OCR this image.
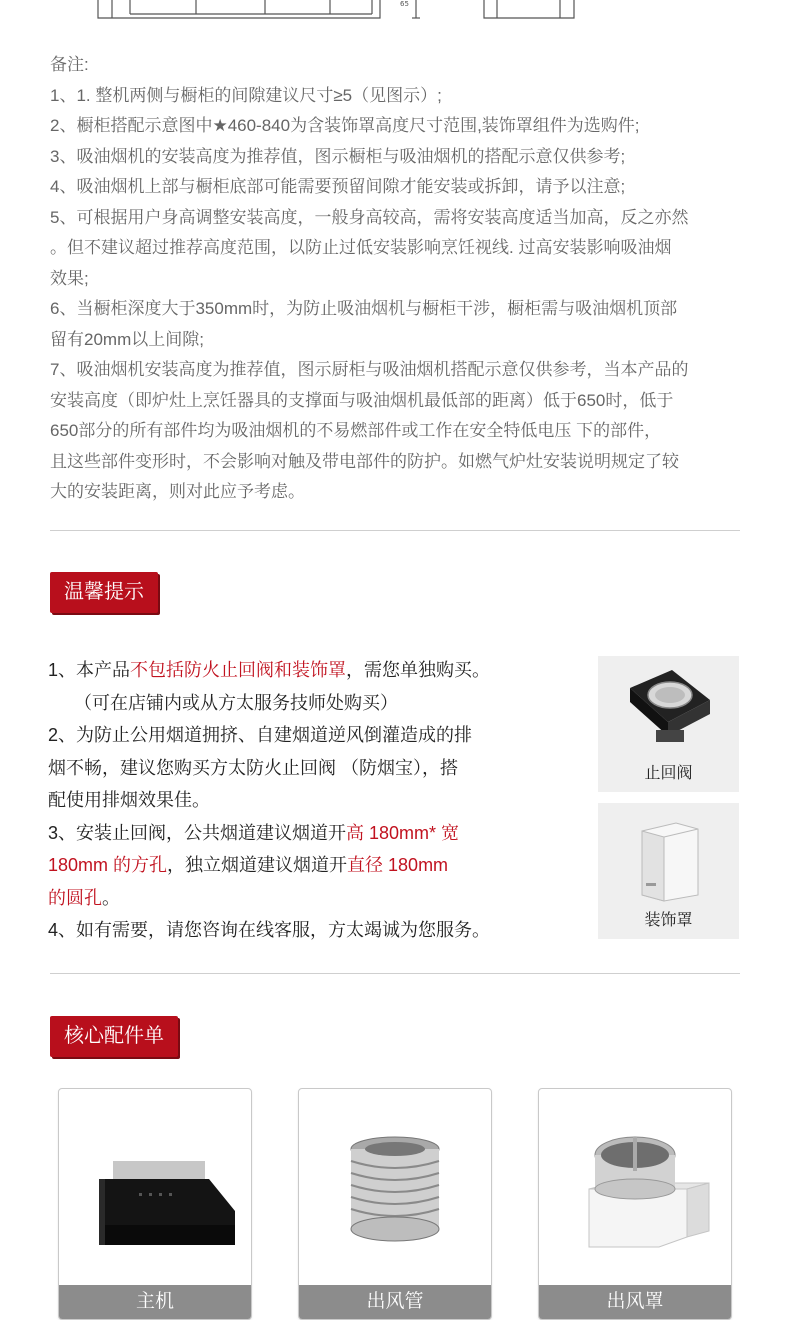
65
备注:
1、1. 整机两侧与橱柜的间隙建议尺寸≥5（见图示）;
2、橱柜搭配示意图中★460-840为含装饰罩高度尺寸范围,装饰罩组件为选购件;
3、吸油烟机的安装高度为推荐值，图示橱柜与吸油烟机的搭配示意仅供参考;
4、吸油烟机上部与橱柜底部可能需要预留间隙才能安装或拆卸，请予以注意;
5、可根据用户身高调整安装高度，一般身高较高，需将安装高度适当加高，反之亦然
。但不建议超过推荐高度范围，以防止过低安装影响烹饪视线. 过高安装影响吸油烟
效果;
6、当橱柜深度大于350mm时，为防止吸油烟机与橱柜干涉，橱柜需与吸油烟机顶部
留有20mm以上间隙;
7、吸油烟机安装高度为推荐值，图示厨柜与吸油烟机搭配示意仅供参考，当本产品的
安装高度（即炉灶上烹饪器具的支撑面与吸油烟机最低部的距离）低于650时，低于
650部分的所有部件均为吸油烟机的不易燃部件或工作在安全特低电压 下的部件，
且这些部件变形时，不会影响对触及带电部件的防护。如燃气炉灶安装说明规定了较
大的安装距离，则对此应予考虑。
温馨提示
1、本产品不包括防火止回阀和装饰罩，需您单独购买。
（可在店铺内或从方太服务技师处购买）
2、为防止公用烟道拥挤、自建烟道逆风倒灌造成的排
烟不畅，建议您购买方太防火止回阀 （防烟宝），搭
配使用排烟效果佳。
3、安装止回阀，公共烟道建议烟道开高 180mm* 宽
180mm 的方孔，独立烟道建议烟道开直径 180mm
的圆孔。
4、如有需要，请您咨询在线客服，方太竭诚为您服务。
止回阀
装饰罩
核心配件单
主机	出风管	出风罩
